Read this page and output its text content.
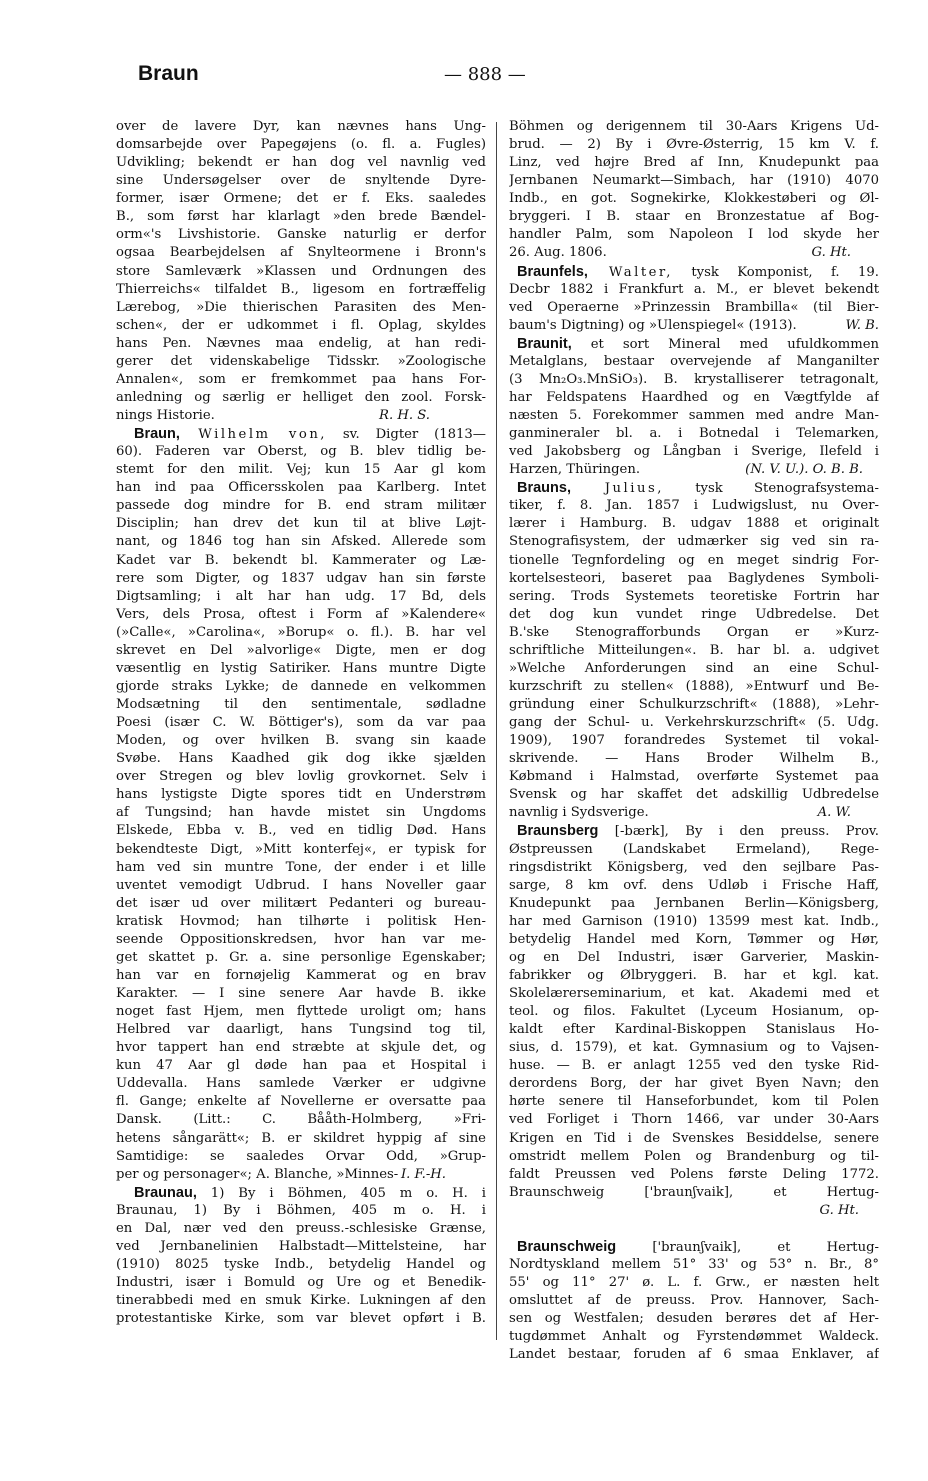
Braun	— 888 —
over de lavere Dyr, kan nævnes hans Ung-
domsarbejde over Papegøjens (o. fl. a. Fugles)
Udvikling; bekendt er han dog vel navnlig ved
sine Undersøgelser over de snyltende Dyre-
former, især Ormene; det er f. Eks. saaledes
B., som først har klarlagt »den brede Bændel-
orm«'s Livshistorie. Ganske naturlig er derfor
ogsaa Bearbejdelsen af Snylteormene i Bronn's
store Samleværk »Klassen und Ordnungen des
Thierreichs« tilfaldet B., ligesom en fortræffelig
Lærebog, »Die thierischen Parasiten des Men-
schen«, der er udkommet i fl. Oplag, skyldes
hans Pen. Nævnes maa endelig, at han redi-
gerer det videnskabelige Tidsskr. »Zoologische
Annalen«, som er fremkommet paa hans For-
anledning og særlig er helliget den zool. Forsk-
nings Historie.	R. H. S.
Braun, Wilhelm von, sv. Digter (1813—
60). Faderen var Oberst, og B. blev tidlig be-
stemt for den milit. Vej; kun 15 Aar gl kom
han ind paa Officersskolen paa Karlberg. Intet
passede dog mindre for B. end stram militær
Disciplin; han drev det kun til at blive Løjt-
nant, og 1846 tog han sin Afsked. Allerede som
Kadet var B. bekendt bl. Kammerater og Læ-
rere som Digter, og 1837 udgav han sin første
Digtsamling; i alt har han udg. 17 Bd, dels
Vers, dels Prosa, oftest i Form af »Kalendere«
(»Calle«, »Carolina«, »Borup« o. fl.). B. har vel
skrevet en Del »alvorlige« Digte, men er dog
væsentlig en lystig Satiriker. Hans muntre Digte
gjorde straks Lykke; de dannede en velkommen
Modsætning til den sentimentale, sødladne
Poesi (især C. W. Böttiger's), som da var paa
Moden, og over hvilken B. svang sin kaade
Svøbe. Hans Kaadhed gik dog ikke sjælden
over Stregen og blev lovlig grovkornet. Selv i
hans lystigste Digte spores tidt en Understrøm
af Tungsind; han havde mistet sin Ungdoms
Elskede, Ebba v. B., ved en tidlig Død. Hans
bekendteste Digt, »Mitt konterfej«, er typisk for
ham ved sin muntre Tone, der ender i et lille
uventet vemodigt Udbrud. I hans Noveller gaar
det især ud over militært Pedanteri og bureau-
kratisk Hovmod; han tilhørte i politisk Hen-
seende Oppositionskredsen, hvor han var me-
get skattet p. Gr. a. sine personlige Egenskaber;
han var en fornøjelig Kammerat og en brav
Karakter. — I sine senere Aar havde B. ikke
noget fast Hjem, men flyttede uroligt om; hans
Helbred var daarligt, hans Tungsind tog til,
hvor tappert han end stræbte at skjule det, og
kun 47 Aar gl døde han paa et Hospital i
Uddevalla. Hans samlede Værker er udgivne
fl. Gange; enkelte af Novellerne er oversatte paa
Dansk. (Litt.: C. Bååth-Holmberg, »Fri-
hetens sångarätt«; B. er skildret hyppig af sine
Samtidige: se saaledes Orvar Odd, »Grup-
per og personager«; A. Blanche, »Minnes- I. F.-H.
Braunau, 1) By i Böhmen, 405 m o. H. i
Braunau, 1) By i Böhmen, 405 m o. H. i
en Dal, nær ved den preuss.-schlesiske Grænse,
ved Jernbanelinien Halbstadt—Mittelsteine, har
(1910) 8025 tyske Indb., betydelig Handel og
Industri, især i Bomuld og Ure og et Benedik-
tinerabbedi med en smuk Kirke. Lukningen af den
protestantiske Kirke, som var blevet opført i B.
Böhmen og derigennem til 30-Aars Krigens Ud-
brud. — 2) By i Øvre-Østerrig, 15 km V. f.
Linz, ved højre Bred af Inn, Knudepunkt paa
Jernbanen Neumarkt—Simbach, har (1910) 4070
Indb., en got. Sognekirke, Klokkestøberi og Øl-
bryggeri. I B. staar en Bronzestatue af Bog-
handler Palm, som Napoleon I lod skyde her
26. Aug. 1806.	G. Ht.
Braunfels, Walter, tysk Komponist, f. 19.
Decbr 1882 i Frankfurt a. M., er blevet bekendt
ved Operaerne »Prinzessin Brambilla« (til Bier-
baum's Digtning) og »Ulenspiegel« (1913).	W. B.
Braunit, et sort Mineral med ufuldkommen
Metalglans, bestaar overvejende af Manganilter
(3 Mn₂O₃.MnSiO₃). B. krystalliserer tetragonalt,
har Feldspatens Haardhed og en Vægtfylde af
næsten 5. Forekommer sammen med andre Man-
ganmineraler bl. a. i Botnedal i Telemarken,
ved Jakobsberg og Långban i Sverige, Ilefeld i
Harzen, Thüringen.	(N. V. U.). O. B. B.
Brauns, Julius, tysk Stenografsystema-
tiker, f. 8. Jan. 1857 i Ludwigslust, nu Over-
lærer i Hamburg. B. udgav 1888 et originalt
Stenografisystem, der udmærker sig ved sin ra-
tionelle Tegnfordeling og en meget sindrig For-
kortelsesteori, baseret paa Baglydenes Symboli-
sering. Trods Systemets teoretiske Fortrin har
det dog kun vundet ringe Udbredelse. Det
B.'ske Stenografforbunds Organ er »Kurz-
schriftliche Mitteilungen«. B. har bl. a. udgivet
»Welche Anforderungen sind an eine Schul-
kurzschrift zu stellen« (1888), »Entwurf und Be-
gründung einer Schulkurzschrift« (1888), »Lehr-
gang der Schul- u. Verkehrskurzschrift« (5. Udg.
1909), 1907 forandredes Systemet til vokal-
skrivende. — Hans Broder Wilhelm B.,
Købmand i Halmstad, overførte Systemet paa
Svensk og har skaffet det adskillig Udbredelse
navnlig i Sydsverige.	A. W.
Braunsberg [-bærk], By i den preuss. Prov.
Østpreussen (Landskabet Ermeland), Rege-
ringsdistrikt Königsberg, ved den sejlbare Pas-
sarge, 8 km ovf. dens Udløb i Frische Haff,
Knudepunkt paa Jernbanen Berlin—Königsberg,
har med Garnison (1910) 13599 mest kat. Indb.,
betydelig Handel med Korn, Tømmer og Hør,
og en Del Industri, især Garverier, Maskin-
fabrikker og Ølbryggeri. B. har et kgl. kat.
Skolelærerseminarium, et kat. Akademi med et
teol. og filos. Fakultet (Lyceum Hosianum, op-
kaldt efter Kardinal-Biskoppen Stanislaus Ho-
sius, d. 1579), et kat. Gymnasium og to Vajsen-
huse. — B. er anlagt 1255 ved den tyske Rid-
derordens Borg, der har givet Byen Navn; den
hørte senere til Hanseforbundet, kom til Polen
ved Forliget i Thorn 1466, var under 30-Aars
Krigen en Tid i de Svenskes Besiddelse, senere
omstridt mellem Polen og Brandenburg og til-
faldt Preussen ved Polens første Deling 1772.
Braunschweig ['braunʃvaik], et Hertug-
G. Ht.
Braunschweig ['braunʃvaik], et Hertug-
Nordtyskland mellem 51° 33' og 53° n. Br., 8°
55' og 11° 27' ø. L. f. Grw., er næsten helt
omsluttet af de preuss. Prov. Hannover, Sach-
sen og Westfalen; desuden berøres det af Her-
tugdømmet Anhalt og Fyrstendømmet Waldeck.
Landet bestaar, foruden af 6 smaa Enklaver, af
